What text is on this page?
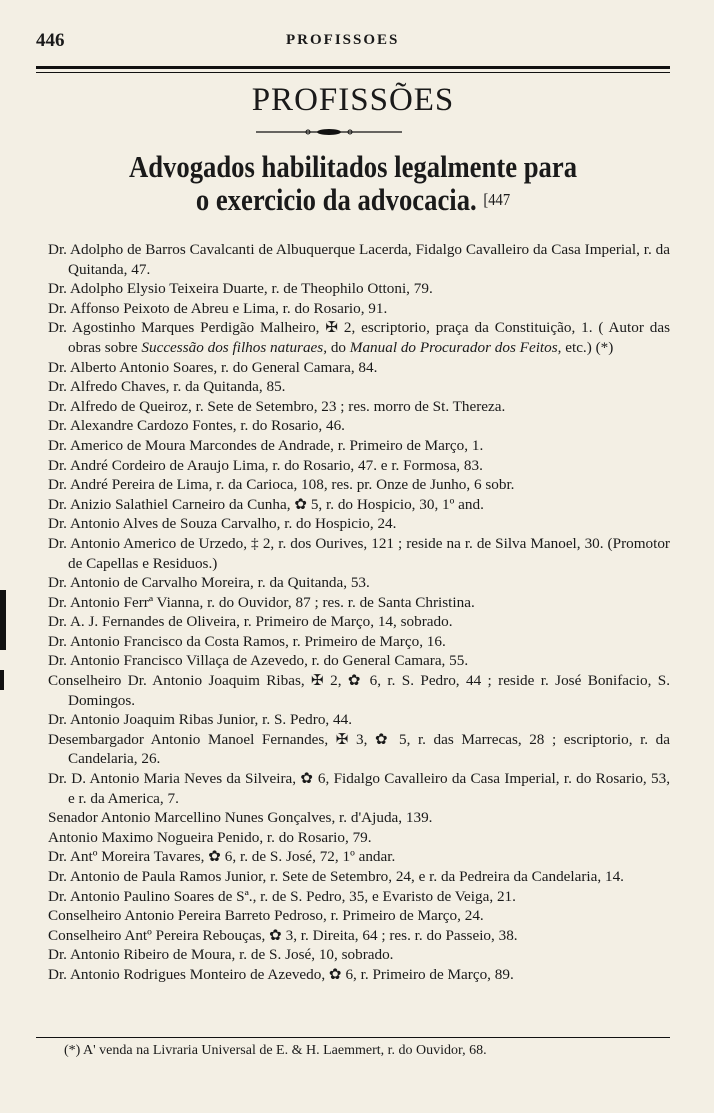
446	PROFISSOES
PROFISSÕES
Advogados habilitados legalmente para
o exercicio da advocacia. $^{[447}$
Dr. Adolpho de Barros Cavalcanti de Albuquerque Lacerda, Fidalgo Cavalleiro da Casa Imperial, r. da Quitanda, 47.
Dr. Adolpho Elysio Teixeira Duarte, r. de Theophilo Ottoni, 79.
Dr. Affonso Peixoto de Abreu e Lima, r. do Rosario, 91.
Dr. Agostinho Marques Perdigão Malheiro, ✠ 2, escriptorio, praça da Constituição, 1. ( Autor das obras sobre Successão dos filhos naturaes, do Manual do Procurador dos Feitos, etc.) (*)
Dr. Alberto Antonio Soares, r. do General Camara, 84.
Dr. Alfredo Chaves, r. da Quitanda, 85.
Dr. Alfredo de Queiroz, r. Sete de Setembro, 23 ; res. morro de St. Thereza.
Dr. Alexandre Cardozo Fontes, r. do Rosario, 46.
Dr. Americo de Moura Marcondes de Andrade, r. Primeiro de Março, 1.
Dr. André Cordeiro de Araujo Lima, r. do Rosario, 47. e r. Formosa, 83.
Dr. André Pereira de Lima, r. da Carioca, 108, res. pr. Onze de Junho, 6 sobr.
Dr. Anizio Salathiel Carneiro da Cunha, ✿ 5, r. do Hospicio, 30, 1º and.
Dr. Antonio Alves de Souza Carvalho, r. do Hospicio, 24.
Dr. Antonio Americo de Urzedo, ‡ 2, r. dos Ourives, 121 ; reside na r. de Silva Manoel, 30. (Promotor de Capellas e Residuos.)
Dr. Antonio de Carvalho Moreira, r. da Quitanda, 53.
Dr. Antonio Ferrª Vianna, r. do Ouvidor, 87 ; res. r. de Santa Christina.
Dr. A. J. Fernandes de Oliveira, r. Primeiro de Março, 14, sobrado.
Dr. Antonio Francisco da Costa Ramos, r. Primeiro de Março, 16.
Dr. Antonio Francisco Villaça de Azevedo, r. do General Camara, 55.
Conselheiro Dr. Antonio Joaquim Ribas, ✠ 2, ✿ 6, r. S. Pedro, 44 ; reside r. José Bonifacio, S. Domingos.
Dr. Antonio Joaquim Ribas Junior, r. S. Pedro, 44.
Desembargador Antonio Manoel Fernandes, ✠ 3, ✿ 5, r. das Marrecas, 28 ; escriptorio, r. da Candelaria, 26.
Dr. D. Antonio Maria Neves da Silveira, ✿ 6, Fidalgo Cavalleiro da Casa Imperial, r. do Rosario, 53, e r. da America, 7.
Senador Antonio Marcellino Nunes Gonçalves, r. d'Ajuda, 139.
Antonio Maximo Nogueira Penido, r. do Rosario, 79.
Dr. Antº Moreira Tavares, ✿ 6, r. de S. José, 72, 1º andar.
Dr. Antonio de Paula Ramos Junior, r. Sete de Setembro, 24, e r. da Pedreira da Candelaria, 14.
Dr. Antonio Paulino Soares de Sª., r. de S. Pedro, 35, e Evaristo de Veiga, 21.
Conselheiro Antonio Pereira Barreto Pedroso, r. Primeiro de Março, 24.
Conselheiro Antº Pereira Rebouças, ✿ 3, r. Direita, 64 ; res. r. do Passeio, 38.
Dr. Antonio Ribeiro de Moura, r. de S. José, 10, sobrado.
Dr. Antonio Rodrigues Monteiro de Azevedo, ✿ 6, r. Primeiro de Março, 89.
(*) A' venda na Livraria Universal de E. & H. Laemmert, r. do Ouvidor, 68.
